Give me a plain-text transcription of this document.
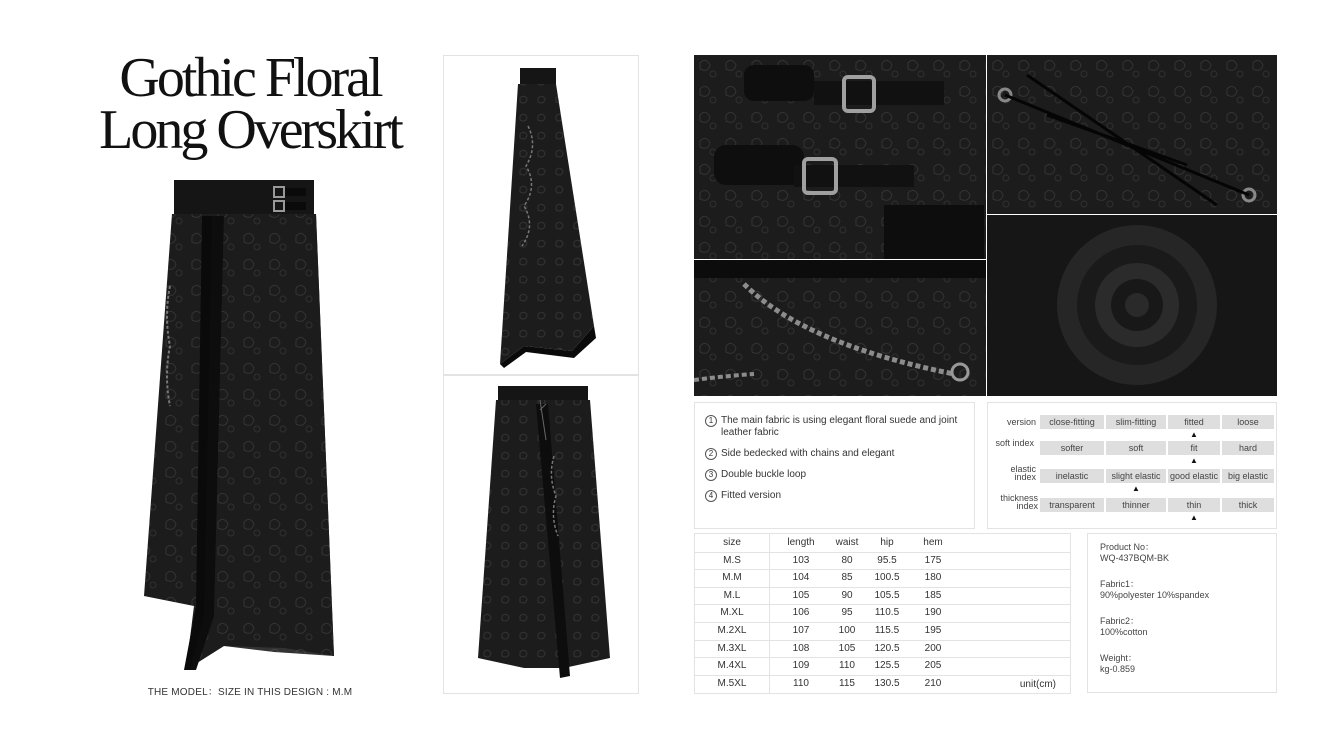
Gothic Floral
Long Overskirt
THE MODEL：SIZE IN THIS DESIGN : M.M
1 The main fabric is using elegant floral suede and joint leather fabric
2 Side bedecked with chains and elegant
3 Double buckle loop
4 Fitted version
version	close-fitting	slim-fitting	fitted	loose
▲
soft index	softer	soft	fit	hard
▲
elastic index	inelastic	slight elastic	good elastic	big elastic
▲
thickness index	transparent	thinner	thin	thick
▲
size	length	waist	hip	hem
M.S	103	80	95.5	175
M.M	104	85	100.5	180
M.L	105	90	105.5	185
M.XL	106	95	110.5	190
M.2XL	107	100	115.5	195
M.3XL	108	105	120.5	200
M.4XL	109	110	125.5	205
M.5XL	110	115	130.5	210	unit(cm)
Product No：
WQ-437BQM-BK
Fabric1：
90%polyester 10%spandex
Fabric2：
100%cotton
Weight：
kg-0.859
